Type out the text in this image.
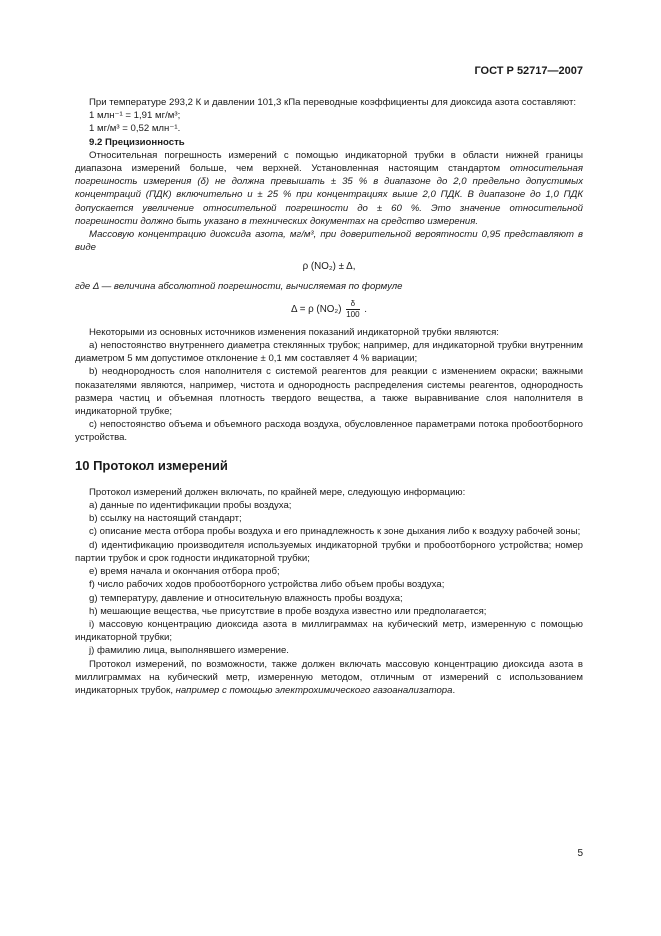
ГОСТ Р 52717—2007

При температуре 293,2 К и давлении 101,3 кПа переводные коэффициенты для диоксида азота составляют:

1 млн⁻¹ = 1,91 мг/м³;

1 мг/м³ = 0,52 млн⁻¹.

9.2 Прецизионность

Относительная погрешность измерений с помощью индикаторной трубки в области нижней границы диапазона измерений больше, чем верхней. Установленная настоящим стандартом относительная погрешность измерения (δ) не должна превышать ± 35 % в диапазоне до 2,0 предельно допустимых концентраций (ПДК) включительно и ± 25 % при концентрациях выше 2,0 ПДК. В диапазоне до 1,0 ПДК допускается увеличение относительной погрешности до ± 60 %. Это значение относительной погрешности должно быть указано в технических документах на средство измерения.

Массовую концентрацию диоксида азота, мг/м³, при доверительной вероятности 0,95 представляют в виде

ρ (NO₂) ± Δ,

где Δ — величина абсолютной погрешности, вычисляемая по формуле

Δ = ρ $(NO_2) \frac{\delta}{100}$ .

Некоторыми из основных источников изменения показаний индикаторной трубки являются:

a) непостоянство внутреннего диаметра стеклянных трубок; например, для индикаторной трубки внутренним диаметром 5 мм допустимое отклонение ± 0,1 мм составляет 4 % вариации;

b) неоднородность слоя наполнителя с системой реагентов для реакции с изменением окраски; важными показателями являются, например, чистота и однородность распределения системы реагентов, однородность размера частиц и объемная плотность твердого вещества, а также выравнивание слоя наполнителя в индикаторной трубке;

c) непостоянство объема и объемного расхода воздуха, обусловленное параметрами потока пробоотборного устройства.

10 Протокол измерений

Протокол измерений должен включать, по крайней мере, следующую информацию:

a) данные по идентификации пробы воздуха;

b) ссылку на настоящий стандарт;

c) описание места отбора пробы воздуха и его принадлежность к зоне дыхания либо к воздуху рабочей зоны;

d) идентификацию производителя используемых индикаторной трубки и пробоотборного устройства; номер партии трубок и срок годности индикаторной трубки;

e) время начала и окончания отбора проб;

f) число рабочих ходов пробоотборного устройства либо объем пробы воздуха;

g) температуру, давление и относительную влажность пробы воздуха;

h) мешающие вещества, чье присутствие в пробе воздуха известно или предполагается;

i) массовую концентрацию диоксида азота в миллиграммах на кубический метр, измеренную с помощью индикаторной трубки;

j) фамилию лица, выполнявшего измерение.

Протокол измерений, по возможности, также должен включать массовую концентрацию диоксида азота в миллиграммах на кубический метр, измеренную методом, отличным от измерений с использованием индикаторных трубок, например с помощью электрохимического газоанализатора.

5
